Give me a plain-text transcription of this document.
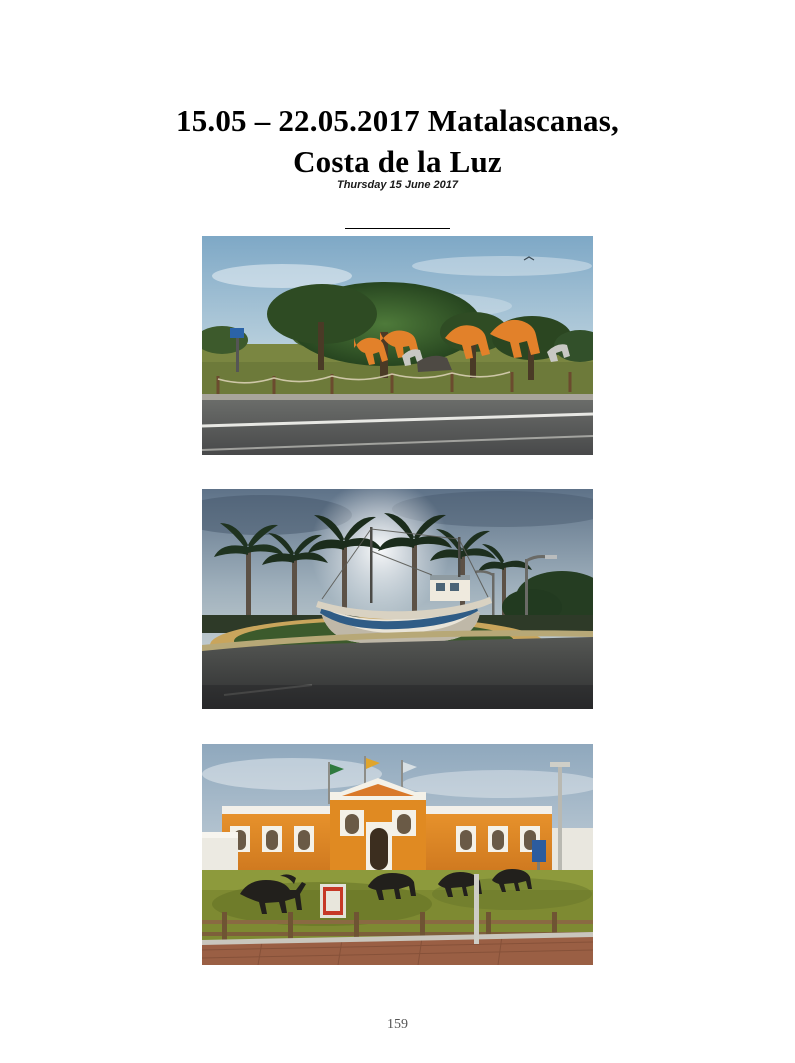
15.05 – 22.05.2017 Matalascanas,
Costa de la Luz
Thursday 15 June 2017
159
